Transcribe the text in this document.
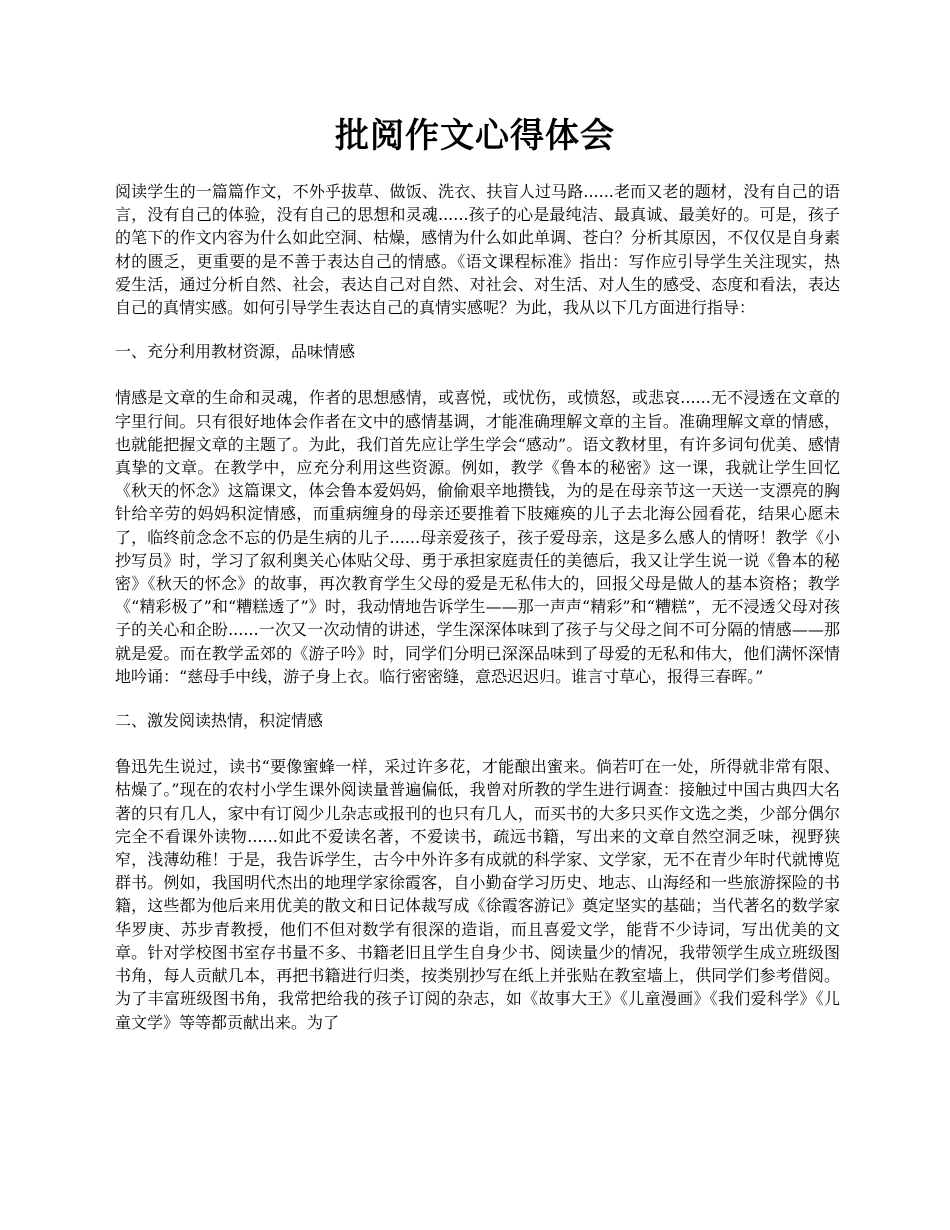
批阅作文心得体会

阅读学生的一篇篇作文，不外乎拔草、做饭、洗衣、扶盲人过马路......老而又老的题材，没有自己的语言，没有自己的体验，没有自己的思想和灵魂......孩子的心是最纯洁、最真诚、最美好的。可是，孩子的笔下的作文内容为什么如此空洞、枯燥，感情为什么如此单调、苍白？分析其原因，不仅仅是自身素材的匮乏，更重要的是不善于表达自己的情感。《语文课程标准》指出：写作应引导学生关注现实，热爱生活，通过分析自然、社会，表达自己对自然、对社会、对生活、对人生的感受、态度和看法，表达自己的真情实感。如何引导学生表达自己的真情实感呢？为此，我从以下几方面进行指导：

一、充分利用教材资源，品味情感

情感是文章的生命和灵魂，作者的思想感情，或喜悦，或忧伤，或愤怒，或悲哀......无不浸透在文章的字里行间。只有很好地体会作者在文中的感情基调，才能准确理解文章的主旨。准确理解文章的情感，也就能把握文章的主题了。为此，我们首先应让学生学会“感动”。语文教材里，有许多词句优美、感情真挚的文章。在教学中，应充分利用这些资源。例如，教学《鲁本的秘密》这一课，我就让学生回忆《秋天的怀念》这篇课文，体会鲁本爱妈妈，偷偷艰辛地攒钱，为的是在母亲节这一天送一支漂亮的胸针给辛劳的妈妈积淀情感，而重病缠身的母亲还要推着下肢瘫痪的儿子去北海公园看花，结果心愿未了，临终前念念不忘的仍是生病的儿子......母亲爱孩子，孩子爱母亲，这是多么感人的情呀！教学《小抄写员》时，学习了叙利奥关心体贴父母、勇于承担家庭责任的美德后，我又让学生说一说《鲁本的秘密》《秋天的怀念》的故事，再次教育学生父母的爱是无私伟大的，回报父母是做人的基本资格；教学《“精彩极了”和“糟糕透了”》时，我动情地告诉学生——那一声声“精彩”和“糟糕”，无不浸透父母对孩子的关心和企盼......一次又一次动情的讲述，学生深深体味到了孩子与父母之间不可分隔的情感——那就是爱。而在教学孟郊的《游子吟》时，同学们分明已深深品味到了母爱的无私和伟大，他们满怀深情地吟诵：“慈母手中线，游子身上衣。临行密密缝，意恐迟迟归。谁言寸草心，报得三春晖。”

二、激发阅读热情，积淀情感

鲁迅先生说过，读书“要像蜜蜂一样，采过许多花，才能酿出蜜来。倘若叮在一处，所得就非常有限、枯燥了。”现在的农村小学生课外阅读量普遍偏低，我曾对所教的学生进行调查：接触过中国古典四大名著的只有几人，家中有订阅少儿杂志或报刊的也只有几人，而买书的大多只买作文选之类，少部分偶尔完全不看课外读物......如此不爱读名著，不爱读书，疏远书籍，写出来的文章自然空洞乏味，视野狭窄，浅薄幼稚！于是，我告诉学生，古今中外许多有成就的科学家、文学家，无不在青少年时代就博览群书。例如，我国明代杰出的地理学家徐霞客，自小勤奋学习历史、地志、山海经和一些旅游探险的书籍，这些都为他后来用优美的散文和日记体裁写成《徐霞客游记》奠定坚实的基础；当代著名的数学家华罗庚、苏步青教授，他们不但对数学有很深的造诣，而且喜爱文学，能背不少诗词，写出优美的文章。针对学校图书室存书量不多、书籍老旧且学生自身少书、阅读量少的情况，我带领学生成立班级图书角，每人贡献几本，再把书籍进行归类，按类别抄写在纸上并张贴在教室墙上，供同学们参考借阅。为了丰富班级图书角，我常把给我的孩子订阅的杂志，如《故事大王》《儿童漫画》《我们爱科学》《儿童文学》等等都贡献出来。为了
